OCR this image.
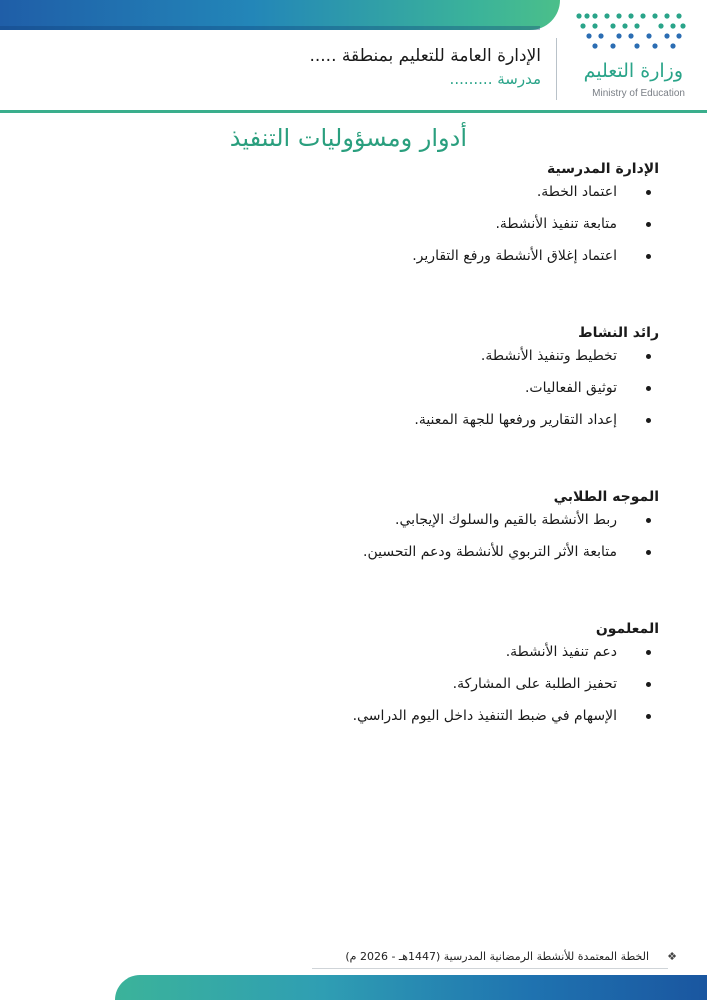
وزارة التعليم
Ministry of Education
الإدارة العامة للتعليم بمنطقة .....
مدرسة .........
أدوار ومسؤوليات التنفيذ
الإدارة المدرسية
اعتماد الخطة.
متابعة تنفيذ الأنشطة.
اعتماد إغلاق الأنشطة ورفع التقارير.
رائد النشاط
تخطيط وتنفيذ الأنشطة.
توثيق الفعاليات.
إعداد التقارير ورفعها للجهة المعنية.
الموجه الطلابي
ربط الأنشطة بالقيم والسلوك الإيجابي.
متابعة الأثر التربوي للأنشطة ودعم التحسين.
المعلمون
دعم تنفيذ الأنشطة.
تحفيز الطلبة على المشاركة.
الإسهام في ضبط التنفيذ داخل اليوم الدراسي.
❖
الخطة المعتمدة للأنشطة الرمضانية المدرسية (1447هـ - 2026 م)
